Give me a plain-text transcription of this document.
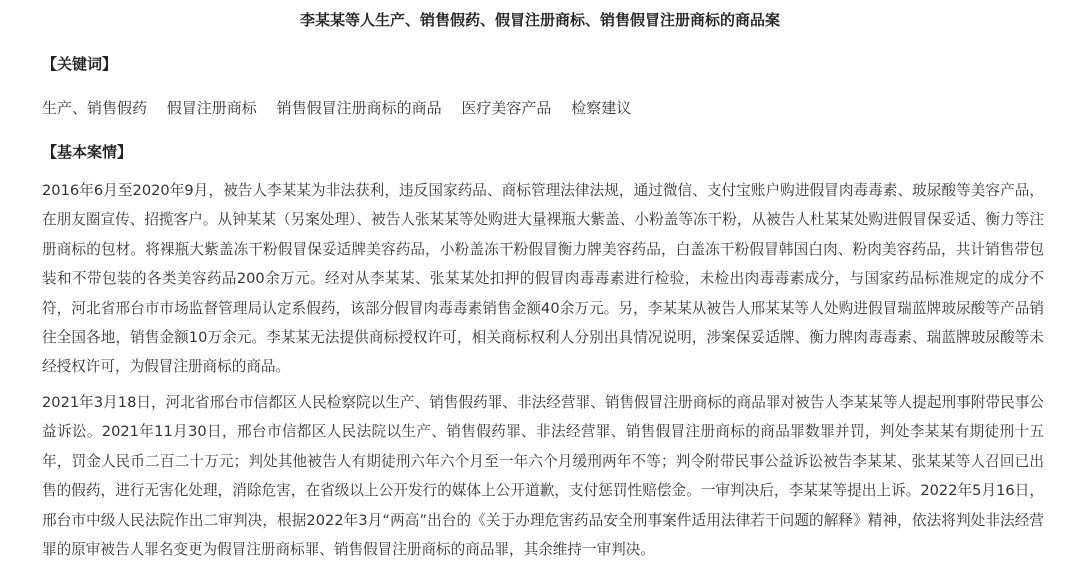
李某某等人生产、销售假药、假冒注册商标、销售假冒注册商标的商品案
【关键词】
生产、销售假药 假冒注册商标 销售假冒注册商标的商品 医疗美容产品 检察建议
【基本案情】

2016年6月至2020年9月，被告人李某某为非法获利，违反国家药品、商标管理法律法规，通过微信、支付宝账户购进假冒肉毒毒素、玻尿酸等美容产品，在朋友圈宣传、招揽客户。从钟某某（另案处理）、被告人张某某等处购进大量裸瓶大紫盖、小粉盖等冻干粉，从被告人杜某某处购进假冒保妥适、衡力等注册商标的包材。将裸瓶大紫盖冻干粉假冒保妥适牌美容药品，小粉盖冻干粉假冒衡力牌美容药品，白盖冻干粉假冒韩国白肉、粉肉美容药品，共计销售带包装和不带包装的各类美容药品200余万元。经对从李某某、张某某处扣押的假冒肉毒毒素进行检验，未检出肉毒毒素成分，与国家药品标准规定的成分不符，河北省邢台市市场监督管理局认定系假药，该部分假冒肉毒毒素销售金额40余万元。另，李某某从被告人邢某某等人处购进假冒瑞蓝牌玻尿酸等产品销往全国各地，销售金额10万余元。李某某无法提供商标授权许可，相关商标权利人分别出具情况说明，涉案保妥适牌、衡力牌肉毒毒素、瑞蓝牌玻尿酸等未经授权许可，为假冒注册商标的商品。

2021年3月18日，河北省邢台市信都区人民检察院以生产、销售假药罪、非法经营罪、销售假冒注册商标的商品罪对被告人李某某等人提起刑事附带民事公益诉讼。2021年11月30日，邢台市信都区人民法院以生产、销售假药罪、非法经营罪、销售假冒注册商标的商品罪数罪并罚，判处李某某有期徒刑十五年，罚金人民币二百二十万元；判处其他被告人有期徒刑六年六个月至一年六个月缓刑两年不等；判令附带民事公益诉讼被告李某某、张某某等人召回已出售的假药，进行无害化处理，消除危害，在省级以上公开发行的媒体上公开道歉，支付惩罚性赔偿金。一审判决后，李某某等提出上诉。2022年5月16日，邢台市中级人民法院作出二审判决，根据2022年3月“两高”出台的《关于办理危害药品安全刑事案件适用法律若干问题的解释》精神，依法将判处非法经营罪的原审被告人罪名变更为假冒注册商标罪、销售假冒注册商标的商品罪，其余维持一审判决。
